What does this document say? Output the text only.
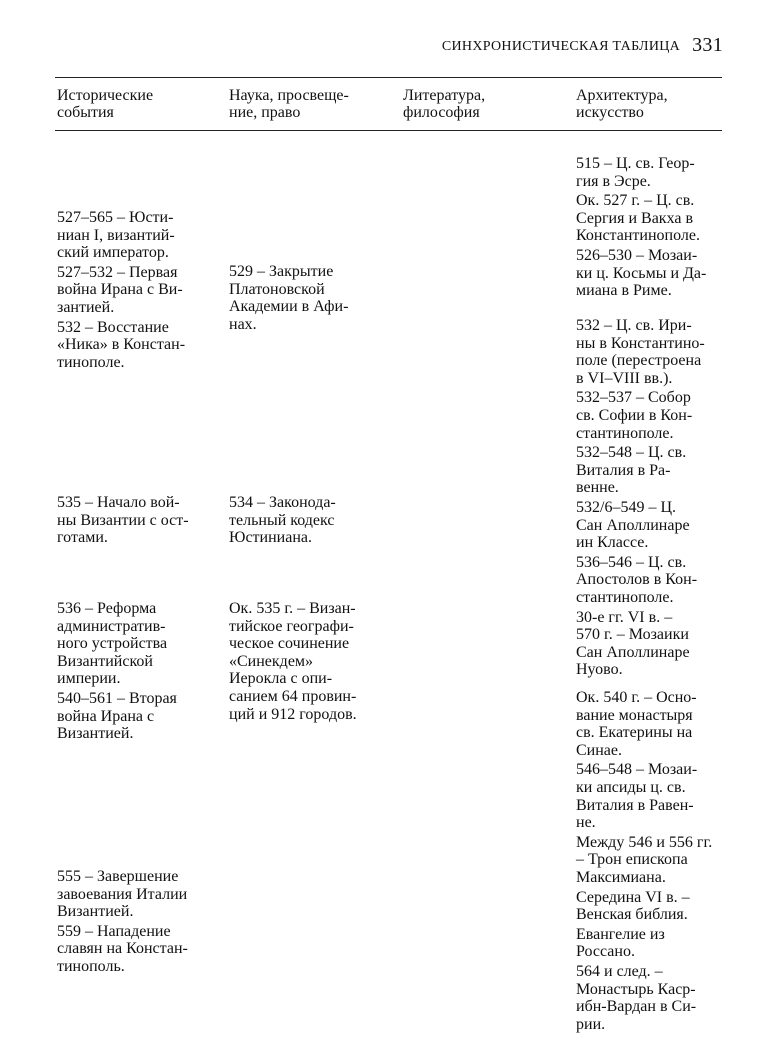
СИНХРОНИСТИЧЕСКАЯ ТАБЛИЦА 331
Исторические
события
Наука, просвеще-
ние, право
Литература,
философия
Архитектура,
искусство
527–565 – Юсти-
ниан I, византий-
ский император.
527–532 – Первая
война Ирана с Ви-
зантией.
532 – Восстание
«Ника» в Констан-
тинополе.
535 – Начало вой-
ны Византии с ост-
готами.
536 – Реформа
административ-
ного устройства
Византийской
империи.
540–561 – Вторая
война Ирана с
Византией.
555 – Завершение
завоевания Италии
Византией.
559 – Нападение
славян на Констан-
тинополь.
529 – Закрытие
Платоновской
Академии в Афи-
нах.
534 – Законода-
тельный кодекс
Юстиниана.
Ок. 535 г. – Визан-
тийское географи-
ческое сочинение
«Синекдем»
Иерокла с опи-
санием 64 провин-
ций и 912 городов.
515 – Ц. св. Геор-
гия в Эсре.
Ок. 527 г. – Ц. св.
Сергия и Вакха в
Константинополе.
526–530 – Мозаи-
ки ц. Косьмы и Да-
миана в Риме.
532 – Ц. св. Ири-
ны в Константино-
поле (перестроена
в VI–VIII вв.).
532–537 – Собор
св. Софии в Кон-
стантинополе.
532–548 – Ц. св.
Виталия в Ра-
венне.
532/6–549 – Ц.
Сан Аполлинаре
ин Классе.
536–546 – Ц. св.
Апостолов в Кон-
стантинополе.
30-е гг. VI в. –
570 г. – Мозаики
Сан Аполлинаре
Нуово.
Ок. 540 г. – Осно-
вание монастыря
св. Екатерины на
Синае.
546–548 – Мозаи-
ки апсиды ц. св.
Виталия в Равен-
не.
Между 546 и 556 гг.
– Трон епископа
Максимиана.
Середина VI в. –
Венская библия.
Евангелие из
Россано.
564 и след. –
Монастырь Каср-
ибн-Вардан в Си-
рии.
